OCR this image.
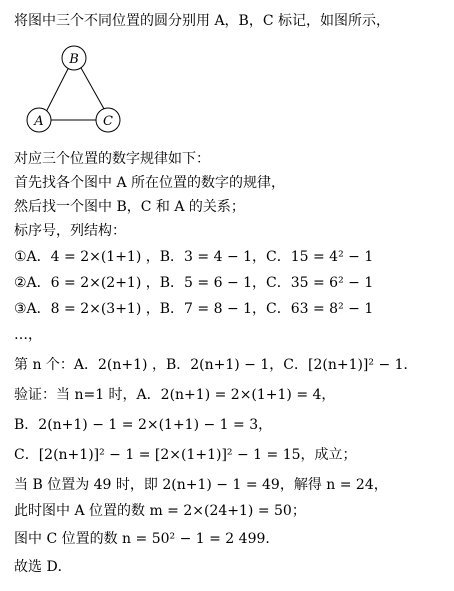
将图中三个不同位置的圆分别用 A，B，C 标记，如图所示，
B
A	C
对应三个位置的数字规律如下：
首先找各个图中 A 所在位置的数字的规律，
然后找一个图中 B，C 和 A 的关系；
标序号，列结构：
①A．4 = 2×(1+1) ，B．3 = 4 − 1，C．15 = 4² − 1
②A．6 = 2×(2+1) ，B．5 = 6 − 1，C．35 = 6² − 1
③A．8 = 2×(3+1) ，B．7 = 8 − 1，C．63 = 8² − 1
…，
第 n 个：A．2(n+1) ，B．2(n+1) − 1，C．[2(n+1)]² − 1．
验证：当 n=1 时，A．2(n+1) = 2×(1+1) = 4，
B．2(n+1) − 1 = 2×(1+1) − 1 = 3，
C．[2(n+1)]² − 1 = [2×(1+1)]² − 1 = 15，成立；
当 B 位置为 49 时，即 2(n+1) − 1 = 49，解得 n = 24，
此时图中 A 位置的数 m = 2×(24+1) = 50；
图中 C 位置的数 n = 50² − 1 = 2 499．
故选 D．
